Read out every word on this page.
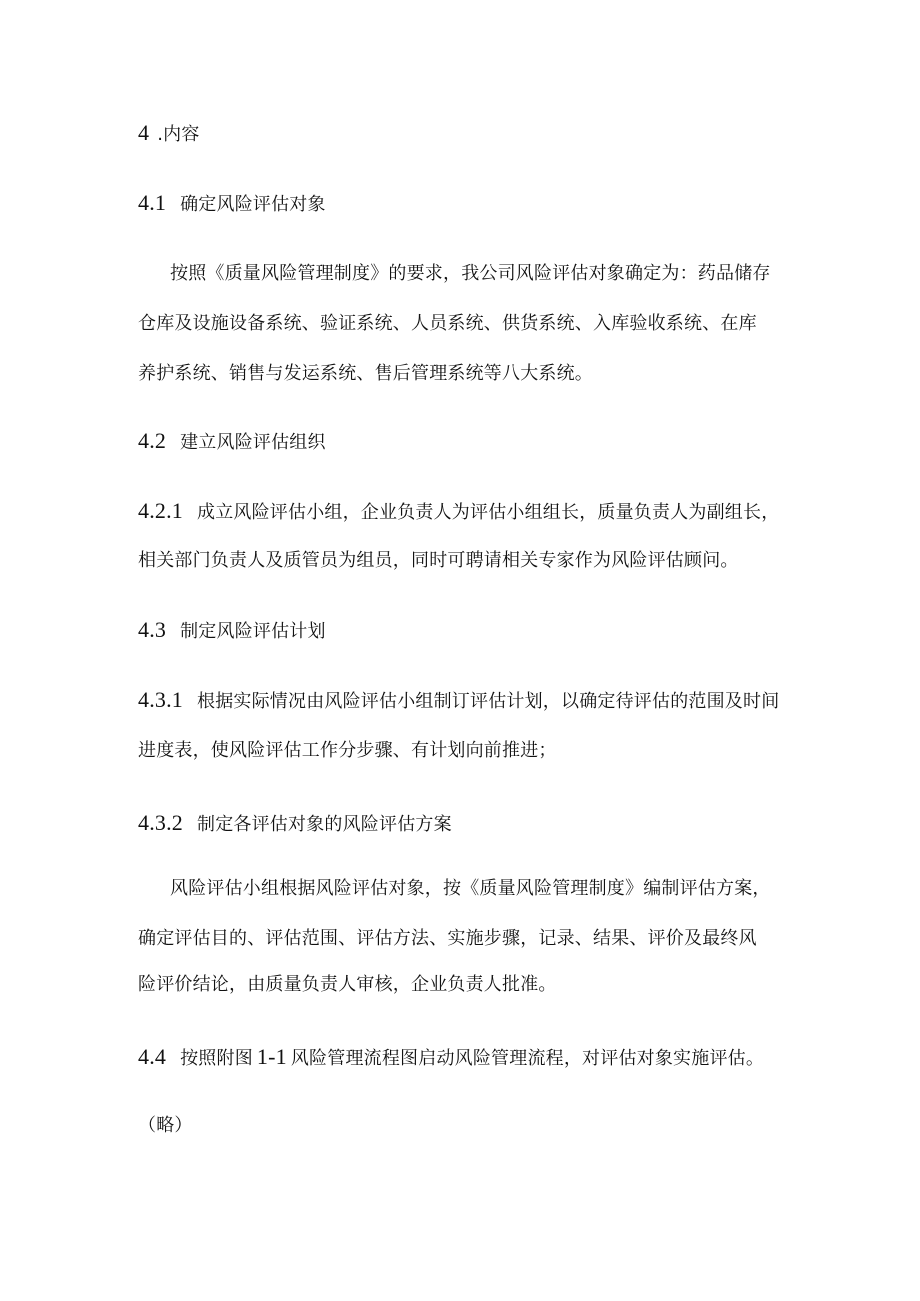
4 .内容
4.1 确定风险评估对象
按照《质量风险管理制度》的要求，我公司风险评估对象确定为：药品储存
仓库及设施设备系统、验证系统、人员系统、供货系统、入库验收系统、在库
养护系统、销售与发运系统、售后管理系统等八大系统。
4.2 建立风险评估组织
4.2.1 成立风险评估小组，企业负责人为评估小组组长，质量负责人为副组长，
相关部门负责人及质管员为组员，同时可聘请相关专家作为风险评估顾问。
4.3 制定风险评估计划
4.3.1 根据实际情况由风险评估小组制订评估计划，以确定待评估的范围及时间
进度表，使风险评估工作分步骤、有计划向前推进；
4.3.2 制定各评估对象的风险评估方案
风险评估小组根据风险评估对象，按《质量风险管理制度》编制评估方案，
确定评估目的、评估范围、评估方法、实施步骤，记录、结果、评价及最终风
险评价结论，由质量负责人审核，企业负责人批准。
4.4 按照附图 1-1 风险管理流程图启动风险管理流程，对评估对象实施评估。
（略）
